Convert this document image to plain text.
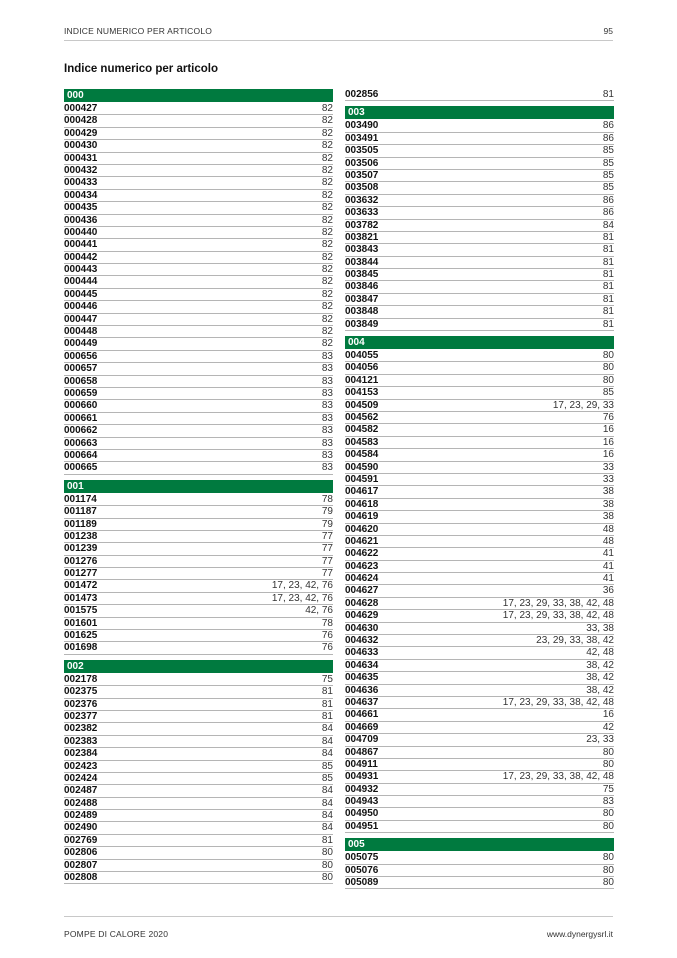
INDICE NUMERICO PER ARTICOLO	95
Indice numerico per articolo
000
000427	82
000428	82
000429	82
000430	82
000431	82
000432	82
000433	82
000434	82
000435	82
000436	82
000440	82
000441	82
000442	82
000443	82
000444	82
000445	82
000446	82
000447	82
000448	82
000449	82
000656	83
000657	83
000658	83
000659	83
000660	83
000661	83
000662	83
000663	83
000664	83
000665	83
001
001174	78
001187	79
001189	79
001238	77
001239	77
001276	77
001277	77
001472	17, 23, 42, 76
001473	17, 23, 42, 76
001575	42, 76
001601	78
001625	76
001698	76
002
002178	75
002375	81
002376	81
002377	81
002382	84
002383	84
002384	84
002423	85
002424	85
002487	84
002488	84
002489	84
002490	84
002769	81
002806	80
002807	80
002808	80
002856	81
003
003490	86
003491	86
003505	85
003506	85
003507	85
003508	85
003632	86
003633	86
003782	84
003821	81
003843	81
003844	81
003845	81
003846	81
003847	81
003848	81
003849	81
004
004055	80
004056	80
004121	80
004153	85
004509	17, 23, 29, 33
004562	76
004582	16
004583	16
004584	16
004590	33
004591	33
004617	38
004618	38
004619	38
004620	48
004621	48
004622	41
004623	41
004624	41
004627	36
004628	17, 23, 29, 33, 38, 42, 48
004629	17, 23, 29, 33, 38, 42, 48
004630	33, 38
004632	23, 29, 33, 38, 42
004633	42, 48
004634	38, 42
004635	38, 42
004636	38, 42
004637	17, 23, 29, 33, 38, 42, 48
004661	16
004669	42
004709	23, 33
004867	80
004911	80
004931	17, 23, 29, 33, 38, 42, 48
004932	75
004943	83
004950	80
004951	80
005
005075	80
005076	80
005089	80
POMPE DI CALORE 2020	www.dynergysrl.it
